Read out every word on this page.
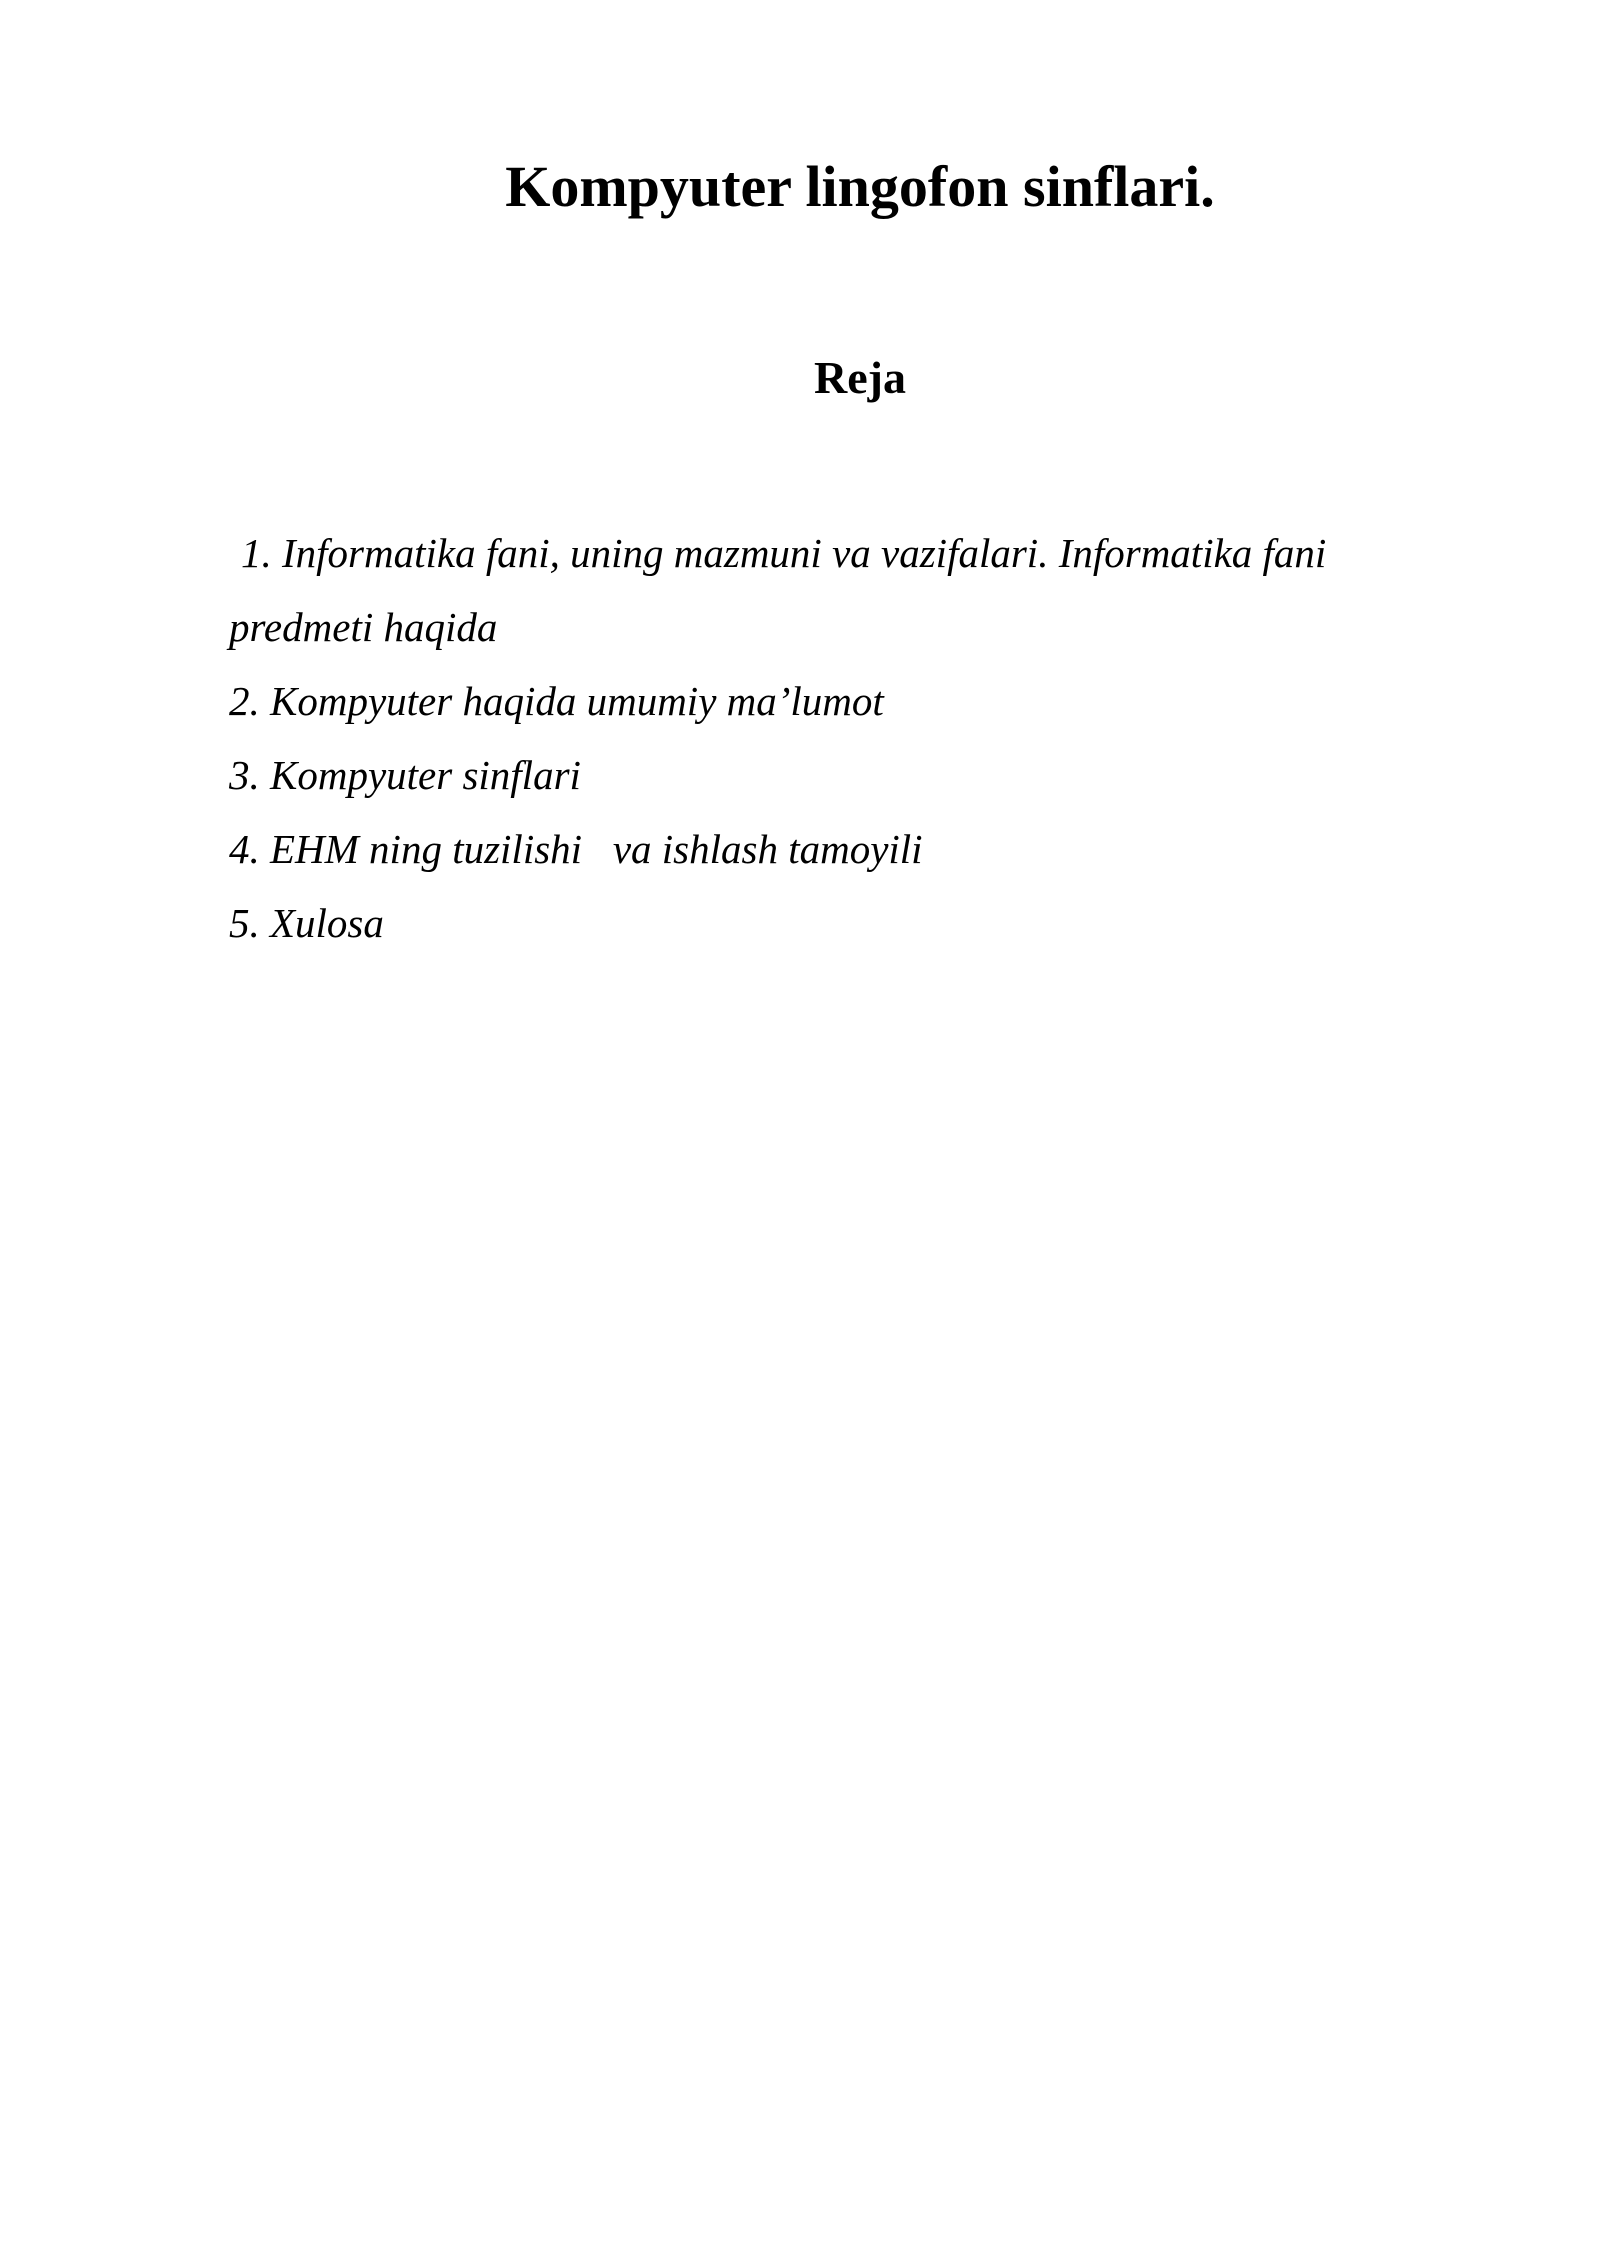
Kompyuter lingofon sinflari.
Reja
1. Informatika fani, uning mazmuni va vazifalari. Informatika fani
predmeti haqida
2. Kompyuter haqida umumiy ma’lumot
3. Kompyuter sinflari
4. EHM ning tuzilishi   va ishlash tamoyili
5. Xulosa
